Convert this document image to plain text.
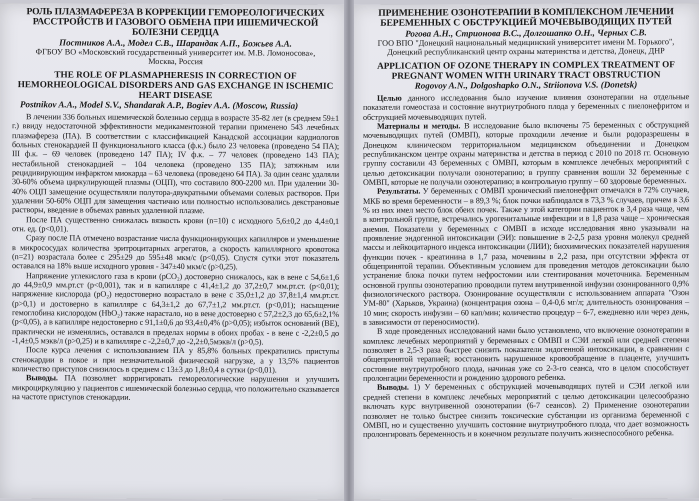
РОЛЬ ПЛАЗМАФЕРЕЗА В КОРРЕКЦИИ ГЕМОРЕОЛОГИЧЕСКИХ РАССТРОЙСТВ И ГАЗОВОГО ОБМЕНА ПРИ ИШЕМИЧЕСКОЙ БОЛЕЗНИ СЕРДЦА
Постников А.А., Модел С.В., Шарандак А.П., Божьев А.А.
ФГБОУ ВО «Московский государственный университет им. М.В. Ломоносова»,
Москва, Россия
THE ROLE OF PLASMAPHERESIS IN CORRECTION OF HEMORHEOLOGICAL DISORDERS AND GAS EXCHANGE IN ISCHEMIC HEART DISEASE
Postnikov A.A., Model S.V., Shandarak A.P., Bogiev A.A. (Moscow, Russia)

В лечении 336 больных ишемической болезнью сердца в возрасте 35-82 лет (в среднем 59±1 г.) ввиду недостаточной эффективности медикаментозной терапии применено 543 лечебных плазмафереза (ПА). В соответствии с классификацией Канадской ассоциации кардиологов больных стенокардией II функционального класса (ф.к.) было 23 человека (проведено 54 ПА); III ф.к. – 69 человек (проведено 147 ПА); IV ф.к. – 77 человек (проведено 143 ПА); нестабильной стенокардией – 104 человека (проведено 135 ПА); затяжным или рецидивирующим инфарктом миокарда – 63 человека (проведено 64 ПА). За один сеанс удаляли 30-60% объема циркулирующей плазмы (ОЦП), что составило 800-2200 мл. При удалении 30-40% ОЦП замещение осуществляли полутора-двукратными объемами солевых растворов. При удалении 50-60% ОЦП для замещения частично или полностью использовались декстрановые растворы, введение в объемах равных удаленной плазме.

После ПА существенно снижалась вязкость крови (n=10) с исходного 5,6±0,2 до 4,4±0,1 отн. ед. (р<0,01).

Сразу после ПА отмечено возрастание числа функционирующих капилляров и уменьшение в микрососудах количества эритроцитарных агрегатов, а скорость капиллярного кровотока (n=21) возрастала более с 295±29 до 595±48 мкм/с (р<0,05). Спустя сутки этот показатель оставался на 18% выше исходного уровня - 347±40 мкм/с (р>0,25).

Напряжение углекислого газа в крови (рСО₂) достоверно снижалось, как в вене с 54,6±1,6 до 44,9±0,9 мм.рт.ст (р<0,001), так и в капилляре с 41,4±1,2 до 37,2±0,7 мм.рт.ст. (р<0,01); напряжение кислорода (рО₂) недостоверно возрастало в вене с 35,0±1,2 до 37,8±1,4 мм.рт.ст. (р>0,1) и достоверно в капилляре с 64,3±1,2 до 67,7±1,2 мм.рт.ст. (р<0,01); насыщение гемоглобина кислородом (НbO₂) также нарастало, но в вене достоверно с 57,2±2,3 до 65,6±2,1% (р<0,05), а в капилляре недостоверно с 91,1±0,6 до 93,4±0,4% (р>0,05); избыток оснований (ВЕ), практически не изменялись, оставался в пределах нормы в обоих пробах - в вене с -2,2±0,5 до -1,4±0,5 мэкв/л (р>0,25) и в капилляре с -2,2±0,7 до -2,2±0,5мэкв/л (р>0,5).

После курса лечения с использованием ПА у 85,8% больных прекратились приступы стенокардии в покое и при незначительной физической нагрузке, а у 13,5% пациентов количество приступов снизилось в среднем с 13±3 до 1,8±0,4 в сутки (р<0,01).

Выводы. ПА позволяет корригировать гемореологические нарушения и улучшить микроциркуляцию у пациентов с ишемической болезнью сердца, что положительно сказывается на частоте приступов стенокардии.

ПРИМЕНЕНИЕ ОЗОНОТЕРАПИИ В КОМПЛЕКСНОМ ЛЕЧЕНИИ БЕРЕМЕННЫХ С ОБСТРУКЦИЕЙ МОЧЕВЫВОДЯЩИХ ПУТЕЙ
Рогова А.Н., Стрионова В.С., Долгошапко О.Н., Черных С.В.
ГОО ВПО "Донецкий национальный медицинский университет имени М. Горького", Донецкий республиканский центр охраны материнства и детства, Донецк, ДНР
APPLICATION OF OZONE THERAPY IN COMPLEX TREATMENT OF PREGNANT WOMEN WITH URINARY TRACT OBSTRUCTION
Rogovoy A.N., Dolgoshapko O.N., Striionova V.S. (Donetsk)

Целью данного исследования было изучение влияния озонотерапии на отдельные показатели гомеостаза и состояние внутриутробного плода у беременных с пиелонефритом и обструкцией мочевыводящих путей.

Материалы и методы. В исследование было включены 75 беременных с обструкцией мочевыводящих путей (ОМВП), которые проходили лечение и были родоразрешены в Донецком клиническом территориальном медицинском объединении и Донецком республиканском центре охраны материнства и детства в период с 2010 по 2018 гг. Основную группу составили 43 беременных с ОМВП, которым в комплексе лечебных мероприятий с целью детоксикации получали озонотерапию; в группу сравнения вошли 32 беременные с ОМВП, которые не получали озонотерапию; в контрольную группу – 60 здоровые беременных.

Результаты. У беременных с ОМВП хронический пиелонефрит отмечался в 72% случаев, МКБ во время беременности – в 89,3 %; блок почки наблюдался в 73,3 % случаев, причем в 3,6 % из них имел место блок обеих почек. Также у этой категории пациенток в 3,4 раза чаще, чем в контрольной группе, встречались урогенитальные инфекции и в 1,8 раза чаще – хроническая анемия. Показатели у беременных с ОМВП в исходе исследования явно указывали на проявление эндогенной интоксикации (ЭИ): повышение в 2-2,5 раза уровня молекул средней массы и лейкоцитарного индекса интоксикации (ЛИИ); биохимических показателей нарушения функции почек - креатинина в 1,7 раза, мочевины в 2,2 раза, при отсутствии эффекта от общепринятой терапии. Объективным условием для проведения методов детоксикации было устранение блока почки путем нефростомии или стентирования мочеточника. Беременным основной группы озонотерапию проводили путем внутривенной инфузии озонированного 0,9% физиологического раствора. Озонирование осуществляли с использованием аппарата "Озон УМ-80" (Харьков, Украина) (концентрация озона – 0,4-0,6 мг/л; длительность озонирования – 10 мин; скорость инфузии – 60 кап/мин; количество процедур – 6-7, ежедневно или через день, в зависимости от переносимости).

В ходе проведенных исследований нами было установлено, что включение озонотерапии в комплекс лечебных мероприятий у беременных с ОМВП и СЭИ легкой или средней степени позволяет в 2,5-3 раза быстрее снизить показатели эндогенной интоксикации, в сравнении с общепринятой терапией; восстановить нарушенное кровообращение в плаценте, улучшить состояние внутриутробного плода, начиная уже со 2-3-го сеанса, что в целом способствует пролонгации беременности и рождению здорового ребенка.

Выводы. 1) У беременных с обструкцией мочевыводящих путей и СЭИ легкой или средней степени в комплекс лечебных мероприятий с целью детоксикации целесообразно включать курс внутривенной озонотерапии (6-7 сеансов). 2) Применение озонотерапии позволяет не только быстрее снизить токсические субстанции из организма беременной с ОМВП, но и существенно улучшить состояние внутриутробного плода, что дает возможность пролонгировать беременность и в конечном результате получить жизнеспособного ребенка.
